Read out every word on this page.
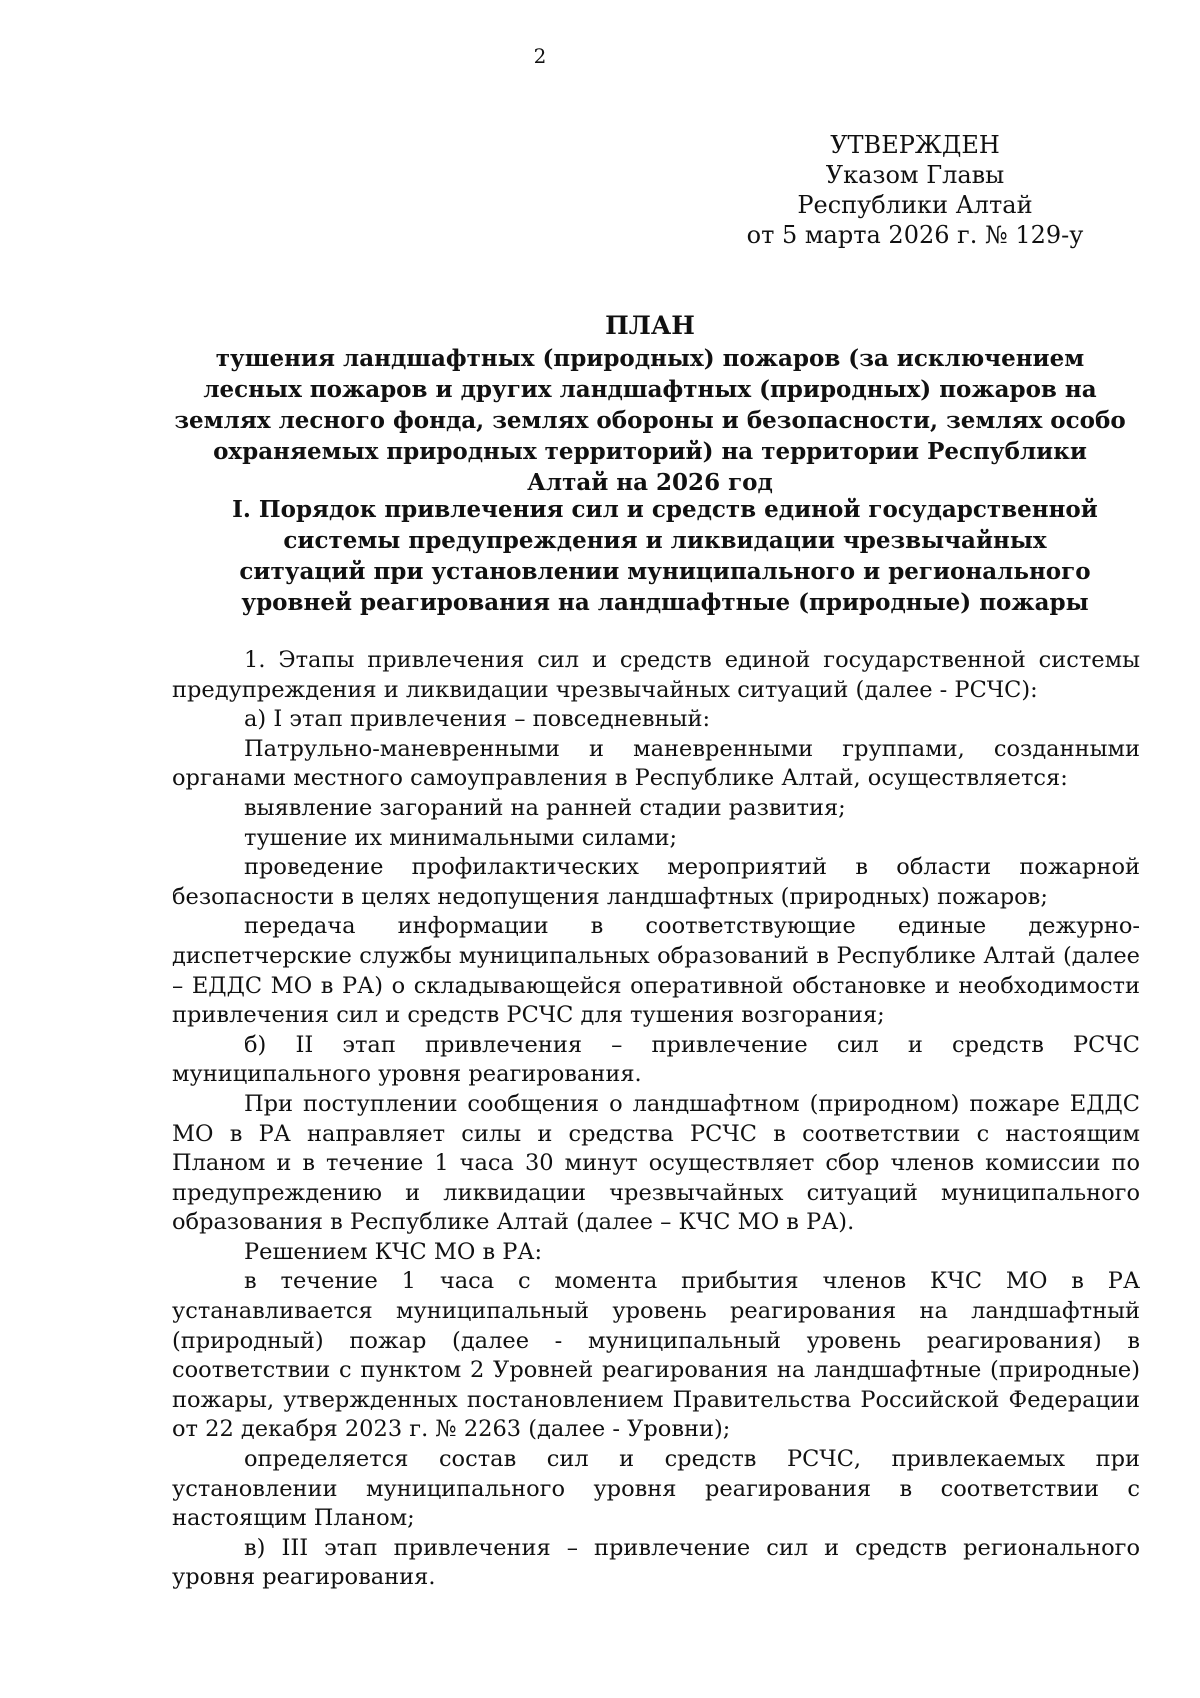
2
УТВЕРЖДЕН
Указом Главы
Республики Алтай
от 5 марта 2026 г. № 129-у
ПЛАН
тушения ландшафтных (природных) пожаров (за исключением лесных пожаров и других ландшафтных (природных) пожаров на землях лесного фонда, землях обороны и безопасности, землях особо охраняемых природных территорий) на территории Республики Алтай на 2026 год
I. Порядок привлечения сил и средств единой государственной системы предупреждения и ликвидации чрезвычайных ситуаций при установлении муниципального и регионального уровней реагирования на ландшафтные (природные) пожары

1. Этапы привлечения сил и средств единой государственной системы предупреждения и ликвидации чрезвычайных ситуаций (далее - РСЧС):

а) I этап привлечения – повседневный:

Патрульно-маневренными и маневренными группами, созданными органами местного самоуправления в Республике Алтай, осуществляется:

выявление загораний на ранней стадии развития;

тушение их минимальными силами;

проведение профилактических мероприятий в области пожарной безопасности в целях недопущения ландшафтных (природных) пожаров;

передача информации в соответствующие единые дежурно-диспетчерские службы муниципальных образований в Республике Алтай (далее – ЕДДС МО в РА) о складывающейся оперативной обстановке и необходимости привлечения сил и средств РСЧС для тушения возгорания;

б) II этап привлечения – привлечение сил и средств РСЧС муниципального уровня реагирования.

При поступлении сообщения о ландшафтном (природном) пожаре ЕДДС МО в РА направляет силы и средства РСЧС в соответствии с настоящим Планом и в течение 1 часа 30 минут осуществляет сбор членов комиссии по предупреждению и ликвидации чрезвычайных ситуаций муниципального образования в Республике Алтай (далее – КЧС МО в РА).

Решением КЧС МО в РА:

в течение 1 часа с момента прибытия членов КЧС МО в РА устанавливается муниципальный уровень реагирования на ландшафтный (природный) пожар (далее - муниципальный уровень реагирования) в соответствии с пунктом 2 Уровней реагирования на ландшафтные (природные) пожары, утвержденных постановлением Правительства Российской Федерации от 22 декабря 2023 г. № 2263 (далее - Уровни);

определяется состав сил и средств РСЧС, привлекаемых при установлении муниципального уровня реагирования в соответствии с настоящим Планом;

в) III этап привлечения – привлечение сил и средств регионального уровня реагирования.
